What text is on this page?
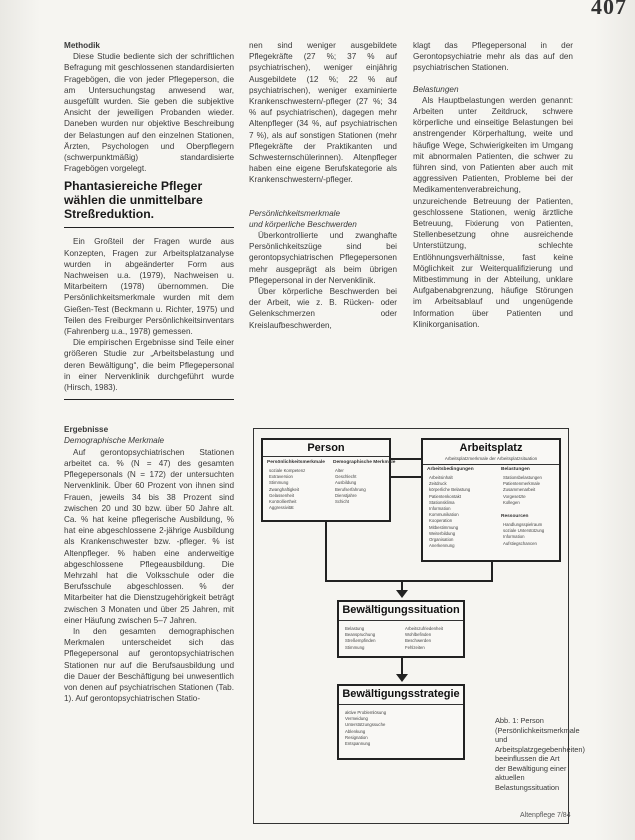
407
Methodik

Diese Studie bediente sich der schriftlichen Befragung mit geschlossenen standardisierten Fragebögen, die von jeder Pflegeperson, die am Untersuchungstag anwesend war, ausgefüllt wurden. Sie geben die subjektive Ansicht der jeweiligen Probanden wieder. Daneben wurden nur objektive Beschreibung der Belastungen auf den einzelnen Stationen, Ärzten, Psychologen und Oberpflegern (schwerpunktmäßig) standardisierte Fragebögen vorgelegt.

Phantasiereiche Pfleger wählen die unmittelbare Streßreduktion.

Ein Großteil der Fragen wurde aus Konzepten, Fragen zur Arbeitsplatzanalyse wurden in abgeänderter Form aus Nachweisen u.a. (1979), Nachweisen u. Mitarbeitern (1978) übernommen. Die Persönlichkeitsmerkmale wurden mit dem Gießen-Test (Beckmann u. Richter, 1975) und Teilen des Freiburger Persönlichkeitsinventars (Fahrenberg u.a., 1978) gemessen.

Die empirischen Ergebnisse sind Teile einer größeren Studie zur „Arbeitsbelastung und deren Bewältigung“, die beim Pflegepersonal in einer Nervenklinik durchgeführt wurde (Hirsch, 1983).

Ergebnisse
Demographische Merkmale

Auf gerontopsychiatrischen Stationen arbeitet ca. % (N = 47) des gesamten Pflegepersonals (N = 172) der untersuchten Nervenklinik. Über 60 Prozent von ihnen sind Frauen, jeweils 34 bis 38 Prozent sind zwischen 20 und 30 bzw. über 50 Jahre alt. Ca. % hat keine pflegerische Ausbildung, % hat eine abgeschlossene 2-jährige Ausbildung als Krankenschwester bzw. -pfleger. % ist Altenpfleger. % haben eine anderweitige abgeschlossene Pflegeausbildung. Die Mehrzahl hat die Volksschule oder die Berufsschule abgeschlossen. % der Mitarbeiter hat die Dienstzugehörigkeit beträgt zwischen 3 Monaten und über 25 Jahren, mit einer Häufung zwischen 5–7 Jahren.

In den gesamten demographischen Merkmalen unterscheidet sich das Pflegepersonal auf gerontopsychiatrischen Stationen nur auf die Berufsausbildung und die Dauer der Beschäftigung bei unwesentlich von denen auf psychiatrischen Stationen (Tab. 1). Auf gerontopsychiatrischen Statio-

nen sind weniger ausgebildete Pflegekräfte (27 %; 37 % auf psychiatrischen), weniger einjährig Ausgebildete (12 %; 22 % auf psychiatrischen), weniger examinierte Krankenschwestern/-pfleger (27 %; 34 % auf psychiatrischen), dagegen mehr Altenpfleger (34 %, auf psychiatrischen 7 %), als auf sonstigen Stationen (mehr Pflegekräfte der Praktikanten und Schwesternschülerinnen). Altenpfleger haben eine eigene Berufskategorie als Krankenschwestern/-pfleger.

Persönlichkeitsmerkmale
und körperliche Beschwerden

Überkontrollierte und zwanghafte Persönlichkeitszüge sind bei gerontopsychiatrischen Pflegepersonen mehr ausgeprägt als beim übrigen Pflegepersonal in der Nervenklinik.

Über körperliche Beschwerden bei der Arbeit, wie z. B. Rücken- oder Gelenkschmerzen oder Kreislaufbeschwerden,

klagt das Pflegepersonal in der Gerontopsychiatrie mehr als das auf den psychiatrischen Stationen.

Belastungen

Als Hauptbelastungen werden genannt: Arbeiten unter Zeitdruck, schwere körperliche und einseitige Belastungen bei anstrengender Körperhaltung, weite und häufige Wege, Schwierigkeiten im Umgang mit abnormalen Patienten, die schwer zu führen sind, von Patienten aber auch mit aggressiven Patienten, Probleme bei der Medikamentenverabreichung, unzureichende Betreuung der Patienten, geschlossene Stationen, wenig ärztliche Betreuung, Fixierung von Patienten, Stellenbesetzung ohne ausreichende Unterstützung, schlechte Entlöhnungsverhältnisse, fast keine Möglichkeit zur Weiterqualifizierung und Mitbestimmung in der Abteilung, unklare Aufgabenabgrenzung, häufige Störungen im Arbeitsablauf und ungenügende Information über Patienten und Klinikorganisation.

Person
Persönlichkeitsmerkmale Demographische Merkmale
soziale Kompetenz
Extraversion
Stimmung
Zwanghaftigkeit
Gelassenheit
Kontrolliertheit
Aggressivität
Alter
Geschlecht
Ausbildung
Berufserfahrung
Dienstjahre
Schicht
Arbeitsplatz
Arbeitsplatzmerkmale der Arbeitsplatzsituation
Arbeitsbedingungen	Belastungen
Arbeitsinhalt
Zeitdruck
körperliche Belastung
Patientenkontakt
Stationsklima
Information
Kommunikation
Kooperation
Mitbestimmung
Weiterbildung
Organisation
Anerkennung
Stationsbelastungen
Patientenmerkmale
Zusammenarbeit
Vorgesetzte
Kollegen
Ressourcen
Handlungsspielraum
soziale Unterstützung
Information
Aufstiegschancen
Bewältigungssituation
Belastung
Beanspruchung
Streßempfinden
Stimmung
Arbeitszufriedenheit
Wohlbefinden
Beschwerden
Fehlzeiten
Bewältigungsstrategie
aktive Problemlösung
Vermeidung
Unterstützungssuche
Ablenkung
Resignation
Entspannung
Abb. 1: Person (Persönlichkeitsmerkmale und Arbeitsplatzgegebenheiten) beeinflussen die Art der Bewältigung einer aktuellen Belastungssituation
Altenpflege 7/84
